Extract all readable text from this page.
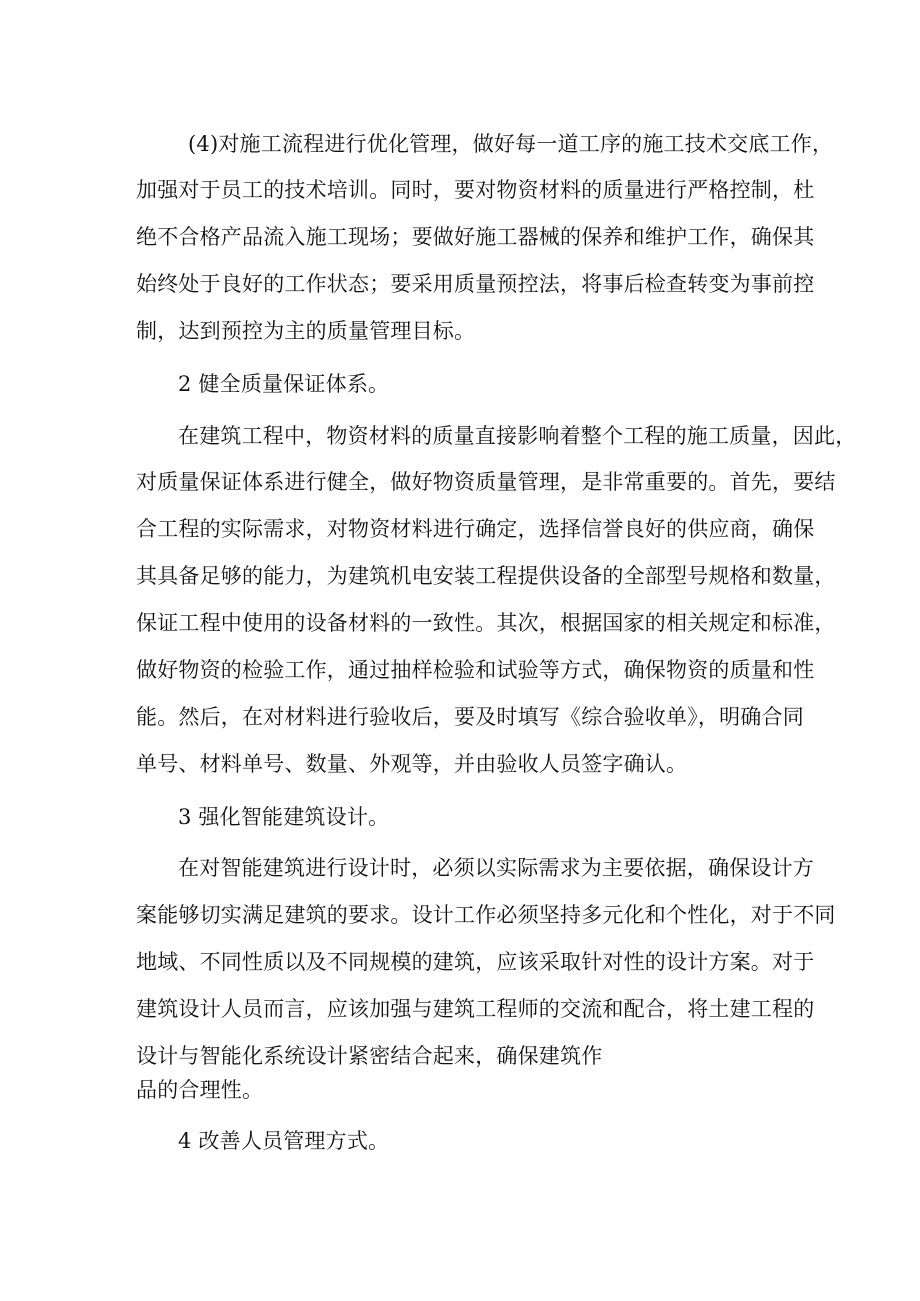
(4)对施工流程进行优化管理，做好每一道工序的施工技术交底工作，

加强对于员工的技术培训。同时，要对物资材料的质量进行严格控制，杜

绝不合格产品流入施工现场；要做好施工器械的保养和维护工作，确保其

始终处于良好的工作状态；要采用质量预控法，将事后检查转变为事前控

制，达到预控为主的质量管理目标。

2 健全质量保证体系。

在建筑工程中，物资材料的质量直接影响着整个工程的施工质量，因此，

对质量保证体系进行健全，做好物资质量管理，是非常重要的。首先，要结

合工程的实际需求，对物资材料进行确定，选择信誉良好的供应商，确保

其具备足够的能力，为建筑机电安装工程提供设备的全部型号规格和数量，

保证工程中使用的设备材料的一致性。其次，根据国家的相关规定和标准，

做好物资的检验工作，通过抽样检验和试验等方式，确保物资的质量和性

能。然后，在对材料进行验收后，要及时填写《综合验收单》，明确合同

单号、材料单号、数量、外观等，并由验收人员签字确认。

3 强化智能建筑设计。

在对智能建筑进行设计时，必须以实际需求为主要依据，确保设计方

案能够切实满足建筑的要求。设计工作必须坚持多元化和个性化，对于不同

地域、不同性质以及不同规模的建筑，应该采取针对性的设计方案。对于

建筑设计人员而言，应该加强与建筑工程师的交流和配合，将土建工程的

设计与智能化系统设计紧密结合起来，确保建筑作

品的合理性。

4 改善人员管理方式。
